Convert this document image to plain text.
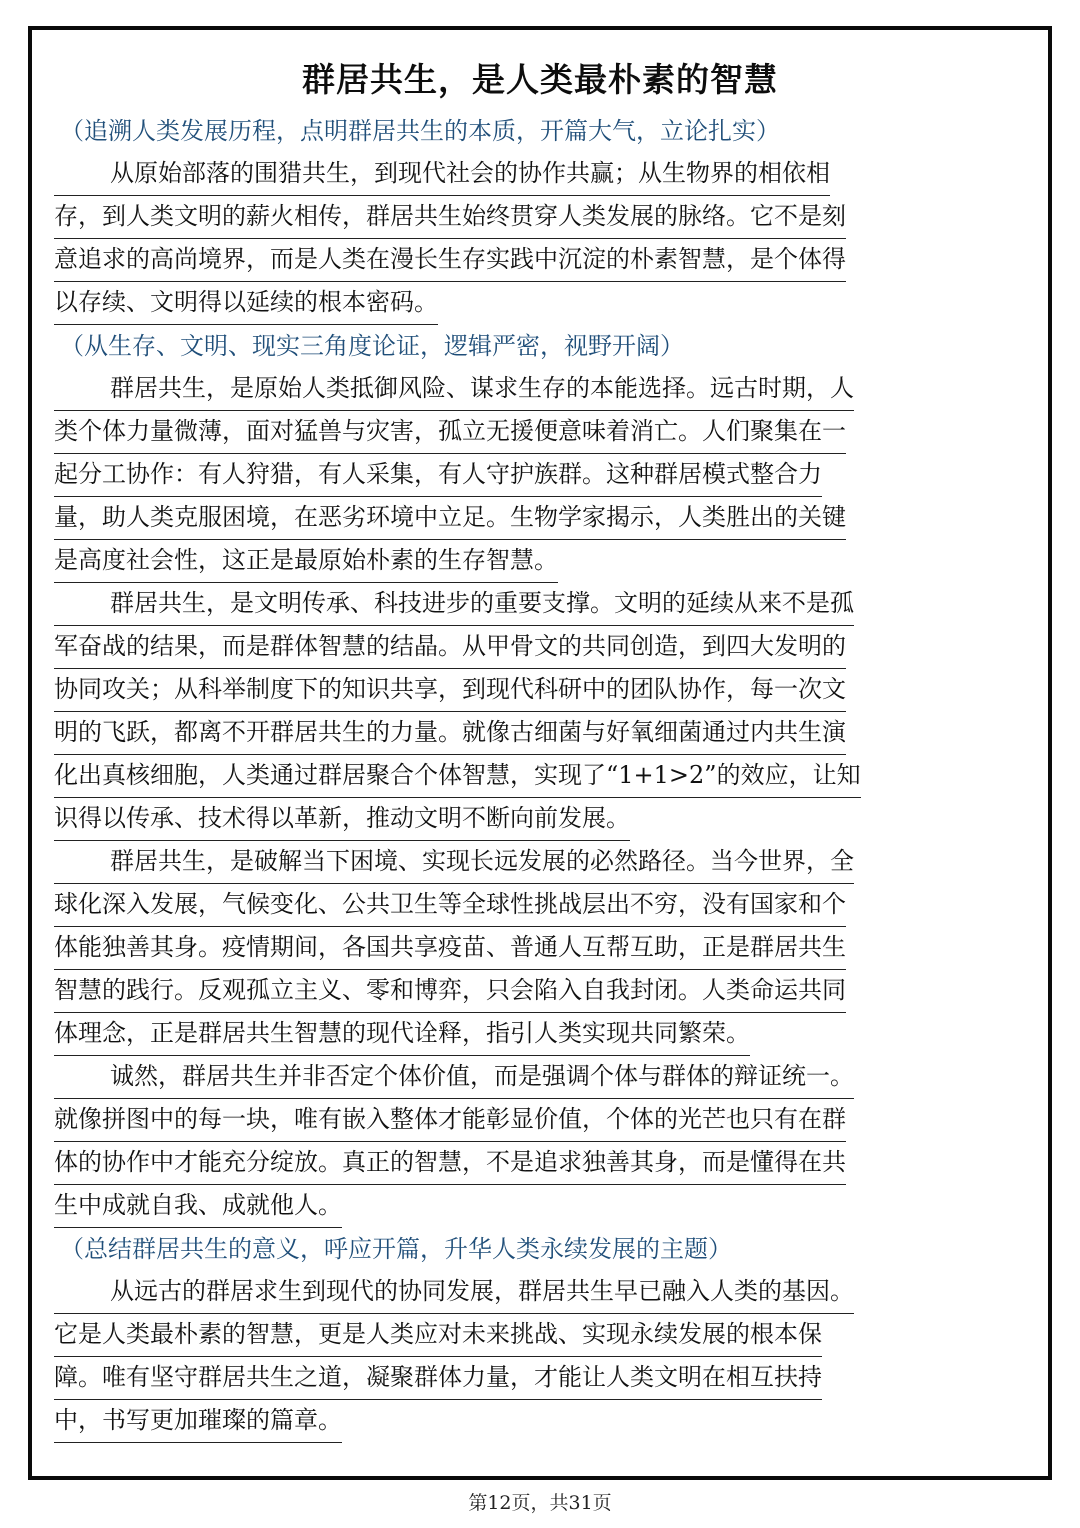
群居共生，是人类最朴素的智慧
（追溯人类发展历程，点明群居共生的本质，开篇大气，立论扎实）
从原始部落的围猎共生，到现代社会的协作共赢；从生物界的相依相
存，到人类文明的薪火相传，群居共生始终贯穿人类发展的脉络。它不是刻
意追求的高尚境界，而是人类在漫长生存实践中沉淀的朴素智慧，是个体得
以存续、文明得以延续的根本密码。
（从生存、文明、现实三角度论证，逻辑严密，视野开阔）
群居共生，是原始人类抵御风险、谋求生存的本能选择。远古时期，人
类个体力量微薄，面对猛兽与灾害，孤立无援便意味着消亡。人们聚集在一
起分工协作：有人狩猎，有人采集，有人守护族群。这种群居模式整合力
量，助人类克服困境，在恶劣环境中立足。生物学家揭示，人类胜出的关键
是高度社会性，这正是最原始朴素的生存智慧。
群居共生，是文明传承、科技进步的重要支撑。文明的延续从来不是孤
军奋战的结果，而是群体智慧的结晶。从甲骨文的共同创造，到四大发明的
协同攻关；从科举制度下的知识共享，到现代科研中的团队协作，每一次文
明的飞跃，都离不开群居共生的力量。就像古细菌与好氧细菌通过内共生演
化出真核细胞，人类通过群居聚合个体智慧，实现了“1+1>2”的效应，让知
识得以传承、技术得以革新，推动文明不断向前发展。
群居共生，是破解当下困境、实现长远发展的必然路径。当今世界，全
球化深入发展，气候变化、公共卫生等全球性挑战层出不穷，没有国家和个
体能独善其身。疫情期间，各国共享疫苗、普通人互帮互助，正是群居共生
智慧的践行。反观孤立主义、零和博弈，只会陷入自我封闭。人类命运共同
体理念，正是群居共生智慧的现代诠释，指引人类实现共同繁荣。
诚然，群居共生并非否定个体价值，而是强调个体与群体的辩证统一。
就像拼图中的每一块，唯有嵌入整体才能彰显价值，个体的光芒也只有在群
体的协作中才能充分绽放。真正的智慧，不是追求独善其身，而是懂得在共
生中成就自我、成就他人。
（总结群居共生的意义，呼应开篇，升华人类永续发展的主题）
从远古的群居求生到现代的协同发展，群居共生早已融入人类的基因。
它是人类最朴素的智慧，更是人类应对未来挑战、实现永续发展的根本保
障。唯有坚守群居共生之道，凝聚群体力量，才能让人类文明在相互扶持
中，书写更加璀璨的篇章。
第12页，共31页
